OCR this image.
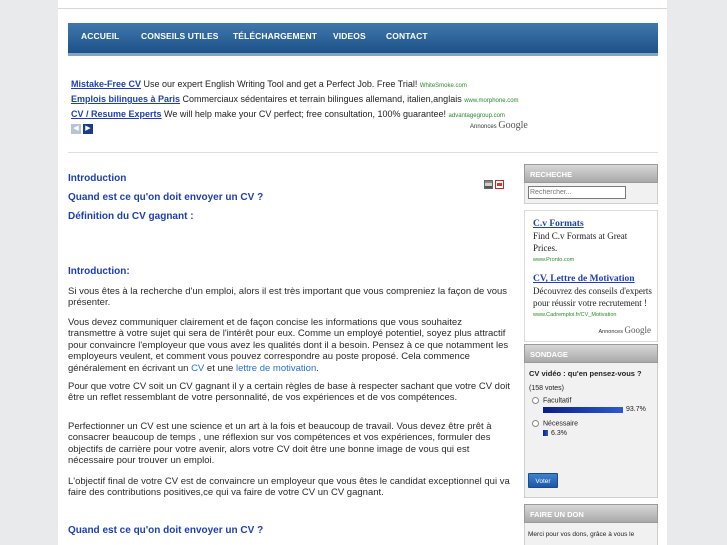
ACCUEIL	CONSEILS UTILES TÉLÉCHARGEMENT VIDEOS CONTACT
Mistake-Free CV Use our expert English Writing Tool and get a Perfect Job. Free Trial! WhiteSmoke.com
Emplois bilingues à Paris Commerciaux sédentaires et terrain bilingues allemand, italien,anglais www.morphone.com
CV / Resume Experts We will help make your CV perfect; free consultation, 100% guarantee! advantagegroup.com
◀ ▶	Annonces Google
Introduction
Quand est ce qu'on doit envoyer un CV ?
Définition du CV gagnant :
Introduction:
Si vous êtes à la recherche d'un emploi, alors il est très important que vous compreniez la façon de vous présenter.
Vous devez communiquer clairement et de façon concise les informations que vous souhaitez transmettre à votre sujet qui sera de l'intérêt pour eux. Comme un employé potentiel, soyez plus attractif pour convaincre l'employeur que vous avez les qualités dont il a besoin. Pensez à ce que notamment les employeurs veulent, et comment vous pouvez correspondre au poste proposé. Cela commence généralement en écrivant un CV et une lettre de motivation.
Pour que votre CV soit un CV gagnant il y a certain règles de base à respecter sachant que votre CV doit être un reflet ressemblant de votre personnalité, de vos expériences et de vos compétences.
Perfectionner un CV est une science et un art à la fois et beaucoup de travail. Vous devez être prêt à consacrer beaucoup de temps , une réflexion sur vos compétences et vos expériences, formuler des objectifs de carrière pour votre avenir, alors votre CV doit être une bonne image de vous qui est nécessaire pour trouver un emploi.
L'objectif final de votre CV est de convaincre un employeur que vous êtes le candidat exceptionnel qui va faire des contributions positives,ce qui va faire de votre CV un CV gagnant.
Quand est ce qu'on doit envoyer un CV ?
RECHECHE
Rechercher...
C.v Formats
Find C.v Formats at Great Prices.
www.Pronto.com
CV, Lettre de Motivation
Découvrez des conseils d'experts pour réussir votre recrutement !
www.Cadremploi.fr/CV_Motivation
Annonces Google
SONDAGE
CV vidéo : qu'en pensez-vous ?
(158 votes)
Facultatif
93.7%
Nécessaire
6.3%
Voter
FAIRE UN DON
Merci pour vos dons, grâce à vous le
